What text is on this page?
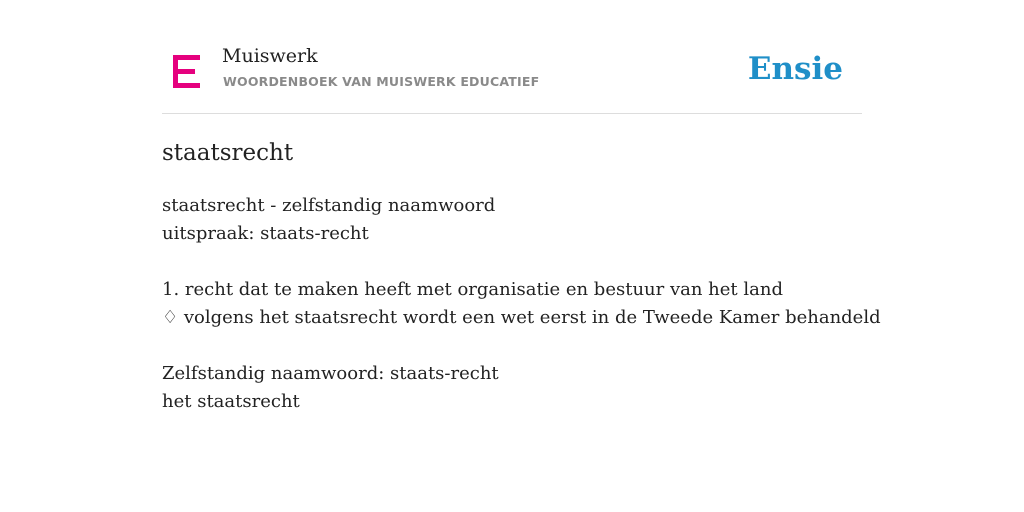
Muiswerk
WOORDENBOEK VAN MUISWERK EDUCATIEF	Ensie
staatsrecht
staatsrecht - zelfstandig naamwoord
uitspraak: staats-recht
1. recht dat te maken heeft met organisatie en bestuur van het land
♢ volgens het staatsrecht wordt een wet eerst in de Tweede Kamer behandeld
Zelfstandig naamwoord: staats-recht
het staatsrecht
